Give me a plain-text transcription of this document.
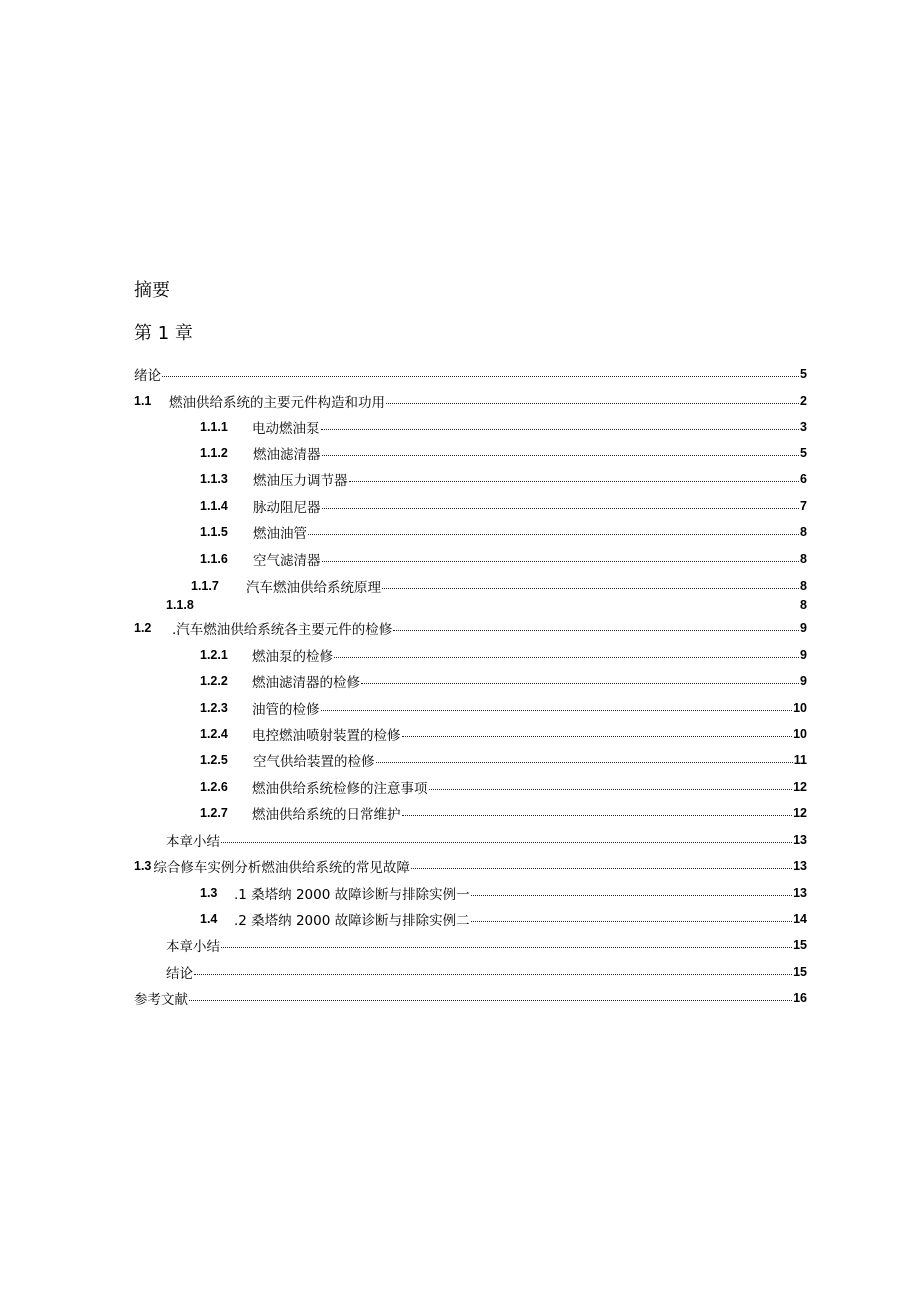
摘要
第 1 章
绪论	5
1.1	燃油供给系统的主要元件构造和功用	2
1.1.1	电动燃油泵	3
1.1.2	燃油滤清器	5
1.1.3	燃油压力调节器	6
1.1.4	脉动阻尼器	7
1.1.5	燃油油管	8
1.1.6	空气滤清器	8
1.1.7	汽车燃油供给系统原理	8
1.1.8	8
1.2	.汽车燃油供给系统各主要元件的检修	9
1.2.1	燃油泵的检修	9
1.2.2	燃油滤清器的检修	9
1.2.3	油管的检修	10
1.2.4	电控燃油喷射装置的检修	10
1.2.5	空气供给装置的检修	11
1.2.6	燃油供给系统检修的注意事项	12
1.2.7	燃油供给系统的日常维护	12
本章小结	13
1.3 综合修车实例分析燃油供给系统的常见故障	13
1.3	.1 桑塔纳 2000 故障诊断与排除实例一	13
1.4	.2 桑塔纳 2000 故障诊断与排除实例二	14
本章小结	15
结论	15
参考文献	16
